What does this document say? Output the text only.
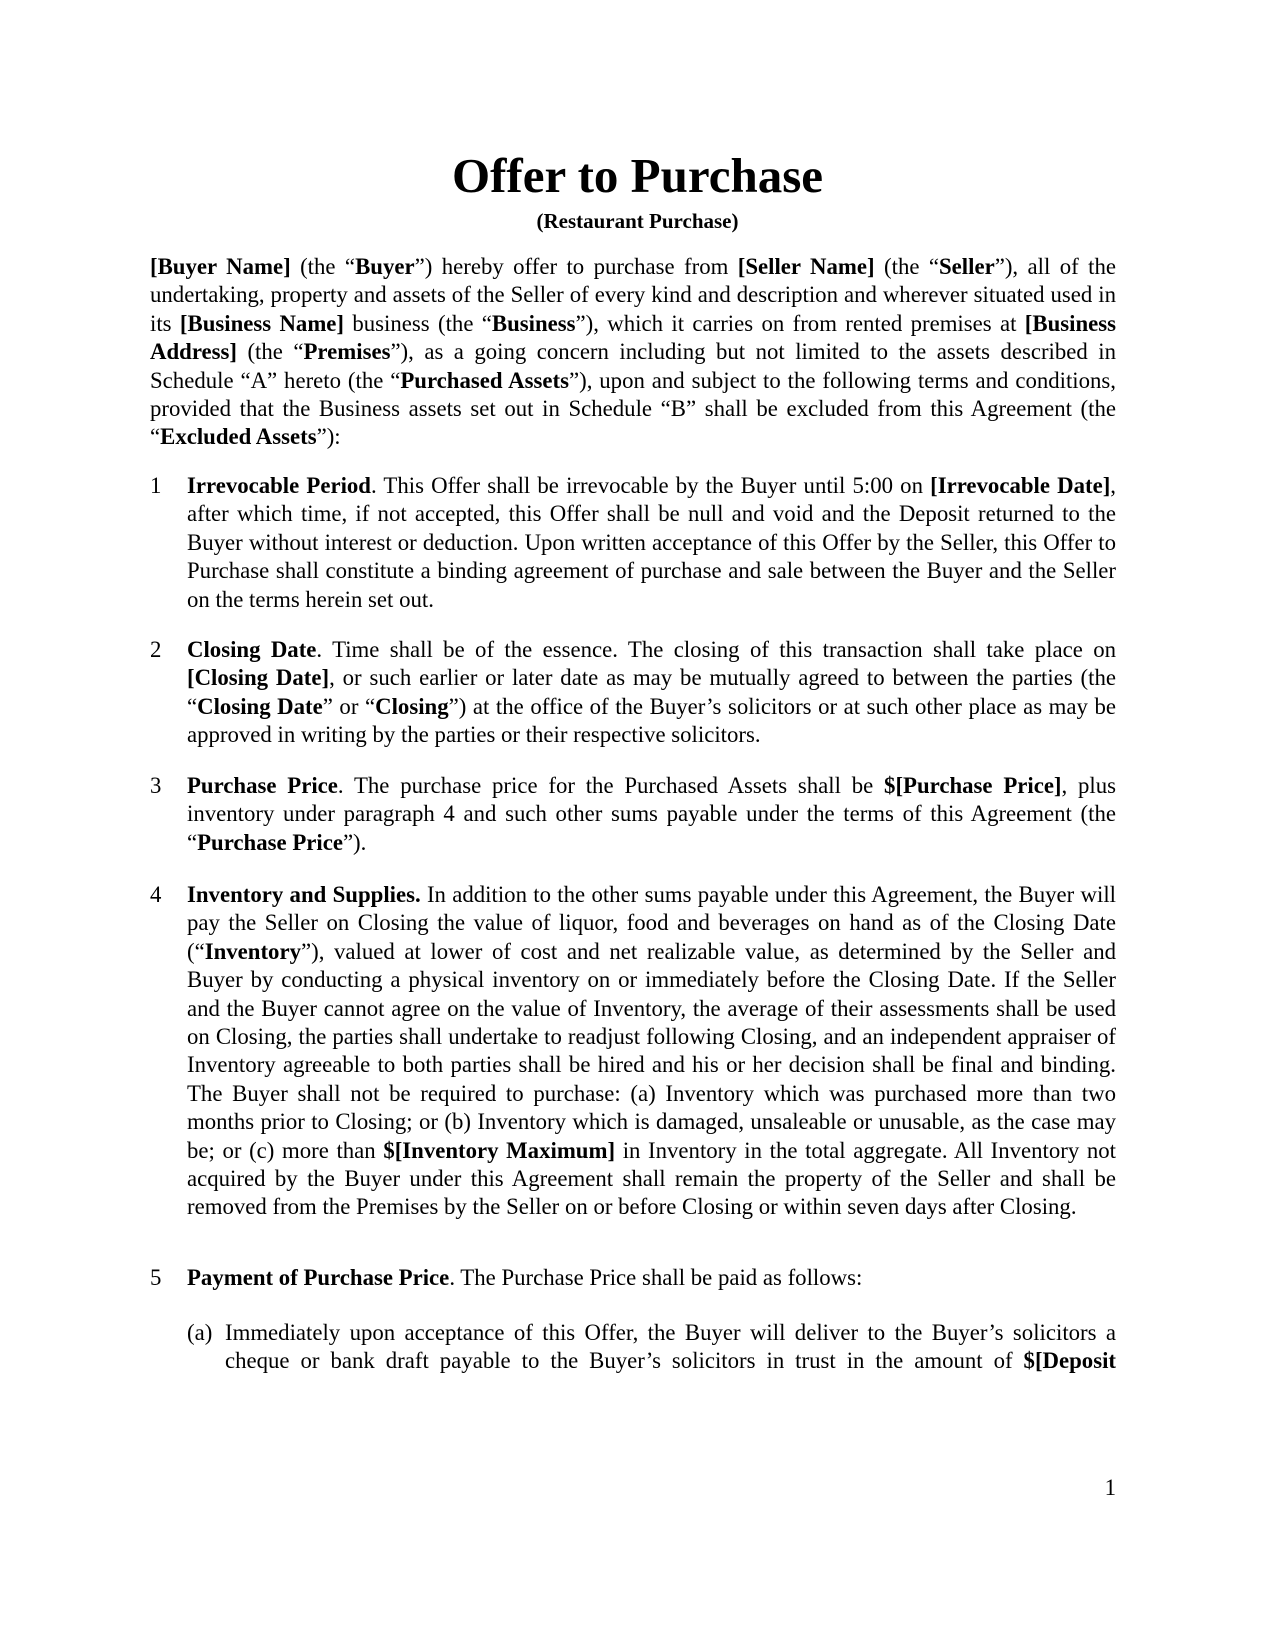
Offer to Purchase
(Restaurant Purchase)

[Buyer Name] (the “Buyer”) hereby offer to purchase from [Seller Name] (the “Seller”), all of the undertaking, property and assets of the Seller of every kind and description and wherever situated used in its [Business Name] business (the “Business”), which it carries on from rented premises at [Business Address] (the “Premises”), as a going concern including but not limited to the assets described in Schedule “A” hereto (the “Purchased Assets”), upon and subject to the following terms and conditions, provided that the Business assets set out in Schedule “B” shall be excluded from this Agreement (the “Excluded Assets”):

1	Irrevocable Period. This Offer shall be irrevocable by the Buyer until 5:00 on [Irrevocable Date], after which time, if not accepted, this Offer shall be null and void and the Deposit returned to the Buyer without interest or deduction. Upon written acceptance of this Offer by the Seller, this Offer to Purchase shall constitute a binding agreement of purchase and sale between the Buyer and the Seller on the terms herein set out.
2	Closing Date. Time shall be of the essence. The closing of this transaction shall take place on [Closing Date], or such earlier or later date as may be mutually agreed to between the parties (the “Closing Date” or “Closing”) at the office of the Buyer’s solicitors or at such other place as may be approved in writing by the parties or their respective solicitors.
3	Purchase Price. The purchase price for the Purchased Assets shall be $[Purchase Price], plus inventory under paragraph 4 and such other sums payable under the terms of this Agreement (the “Purchase Price”).
4	Inventory and Supplies. In addition to the other sums payable under this Agreement, the Buyer will pay the Seller on Closing the value of liquor, food and beverages on hand as of the Closing Date (“Inventory”), valued at lower of cost and net realizable value, as determined by the Seller and Buyer by conducting a physical inventory on or immediately before the Closing Date. If the Seller and the Buyer cannot agree on the value of Inventory, the average of their assessments shall be used on Closing, the parties shall undertake to readjust following Closing, and an independent appraiser of Inventory agreeable to both parties shall be hired and his or her decision shall be final and binding. The Buyer shall not be required to purchase: (a) Inventory which was purchased more than two months prior to Closing; or (b) Inventory which is damaged, unsaleable or unusable, as the case may be; or (c) more than $[Inventory Maximum] in Inventory in the total aggregate. All Inventory not acquired by the Buyer under this Agreement shall remain the property of the Seller and shall be removed from the Premises by the Seller on or before Closing or within seven days after Closing.
5	Payment of Purchase Price. The Purchase Price shall be paid as follows:
(a) Immediately upon acceptance of this Offer, the Buyer will deliver to the Buyer’s solicitors a cheque or bank draft payable to the Buyer’s solicitors in trust in the amount of $[Deposit
1
